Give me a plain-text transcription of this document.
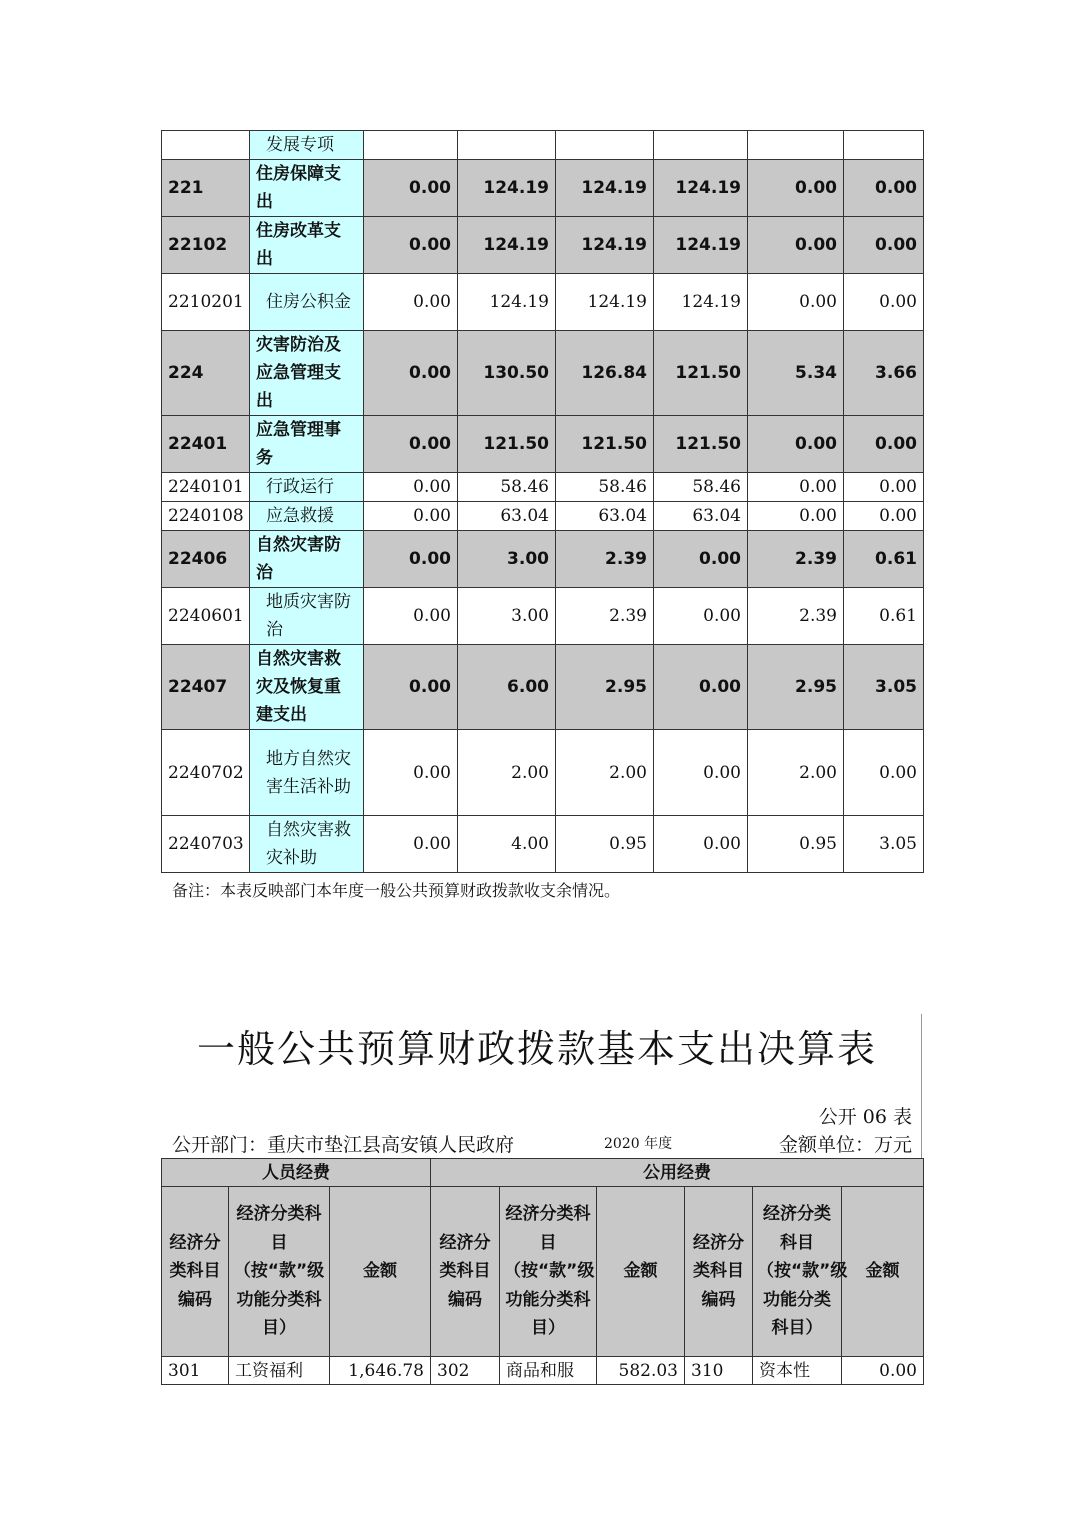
	发展专项						
221	住房保障支出	0.00	124.19	124.19	124.19	0.00	0.00
22102	住房改革支出	0.00	124.19	124.19	124.19	0.00	0.00
2210201	住房公积金	0.00	124.19	124.19	124.19	0.00	0.00
224	灾害防治及应急管理支出	0.00	130.50	126.84	121.50	5.34	3.66
22401	应急管理事务	0.00	121.50	121.50	121.50	0.00	0.00
2240101	行政运行	0.00	58.46	58.46	58.46	0.00	0.00
2240108	应急救援	0.00	63.04	63.04	63.04	0.00	0.00
22406	自然灾害防治	0.00	3.00	2.39	0.00	2.39	0.61
2240601	地质灾害防治	0.00	3.00	2.39	0.00	2.39	0.61
22407	自然灾害救灾及恢复重建支出	0.00	6.00	2.95	0.00	2.95	3.05
2240702	地方自然灾害生活补助	0.00	2.00	2.00	0.00	2.00	0.00
2240703	自然灾害救灾补助	0.00	4.00	0.95	0.00	0.95	3.05
备注：本表反映部门本年度一般公共预算财政拨款收支余情况。
一般公共预算财政拨款基本支出决算表
公开 06 表
公开部门：重庆市垫江县高安镇人民政府	2020 年度	金额单位：万元
人员经费			公用经费					
经济分类科目编码	经济分类科目（按“款”级功能分类科目）	金额	经济分类科目编码	经济分类科目（按“款”级功能分类科目）	金额	经济分类科目编码	经济分类科目（按“款”级功能分类科目）	金额
301	工资福利	1,646.78	302	商品和服	582.03	310	资本性	0.00
